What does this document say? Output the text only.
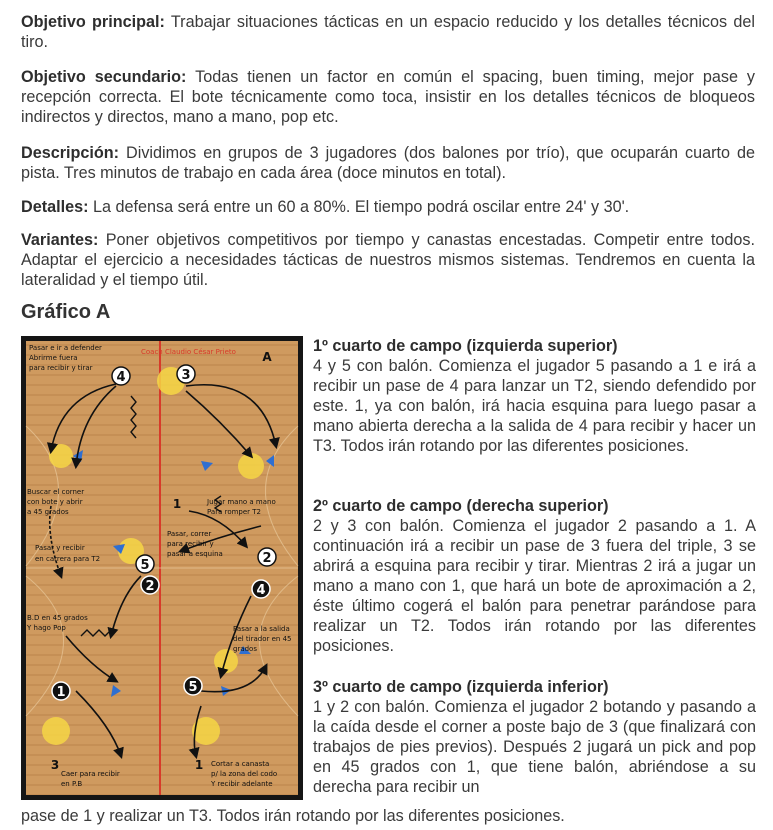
Objetivo principal: Trabajar situaciones tácticas en un espacio reducido y los detalles técnicos del tiro.

Objetivo secundario: Todas tienen un factor en común el spacing, buen timing, mejor pase y recepción correcta. El bote técnicamente como toca, insistir en los detalles técnicos de bloqueos indirectos y directos, mano a mano, pop etc.

Descripción: Dividimos en grupos de 3 jugadores (dos balones por trío), que ocuparán cuarto de pista. Tres minutos de trabajo en cada área (doce minutos en total).

Detalles: La defensa será entre un 60 a 80%. El tiempo podrá oscilar entre 24' y 30'.

Variantes: Poner objetivos competitivos por tiempo y canastas encestadas. Competir entre todos. Adaptar el ejercicio a necesidades tácticas de nuestros mismos sistemas. Tendremos en cuenta la lateralidad y el tiempo útil.

Gráfico A
4	3
5
2
2
4
1	5
3	1
A
1
Coach Claudio César Prieto
Pasar e ir a defender
Abrirme fuera
para recibir y tirar
Buscar el corner
con bote y abrir
a 45 grados
Pasar y recibir
en carrera para T2
B.D en 45 grados
Y hago Pop
Caer para recibir
en P.B
Jugar mano a mano
Para romper T2
Pasar, correr
para recibir y
pasar a esquina
Pasar a la salida
del tirador en 45
grados
Cortar a canasta
p/ la zona del codo
Y recibir adelante
1º cuarto de campo (izquierda superior)

4 y 5 con balón. Comienza el jugador 5 pasando a 1 e irá a recibir un pase de 4 para lanzar un T2, siendo defendido por este. 1, ya con balón, irá hacia esquina para luego pasar a mano abierta derecha a la salida de 4 para recibir y hacer un T3. Todos irán rotando por las diferentes posiciones.

2º cuarto de campo (derecha superior)

2 y 3 con balón. Comienza el jugador 2 pasando a 1. A continuación irá a recibir un pase de 3 fuera del triple, 3 se abrirá a esquina para recibir y tirar. Mientras 2 irá a jugar un mano a mano con 1, que hará un bote de aproximación a 2, éste último cogerá el balón para penetrar parándose para realizar un T2. Todos irán rotando por las diferentes posiciones.

3º cuarto de campo (izquierda inferior)

1 y 2 con balón. Comienza el jugador 2 botando y pasando a la caída desde el corner a poste bajo de 3 (que finalizará con trabajos de pies previos). Después 2 jugará un pick and pop en 45 grados con 1, que tiene balón, abriéndose a su derecha para recibir un

pase de 1 y realizar un T3. Todos irán rotando por las diferentes posiciones.
